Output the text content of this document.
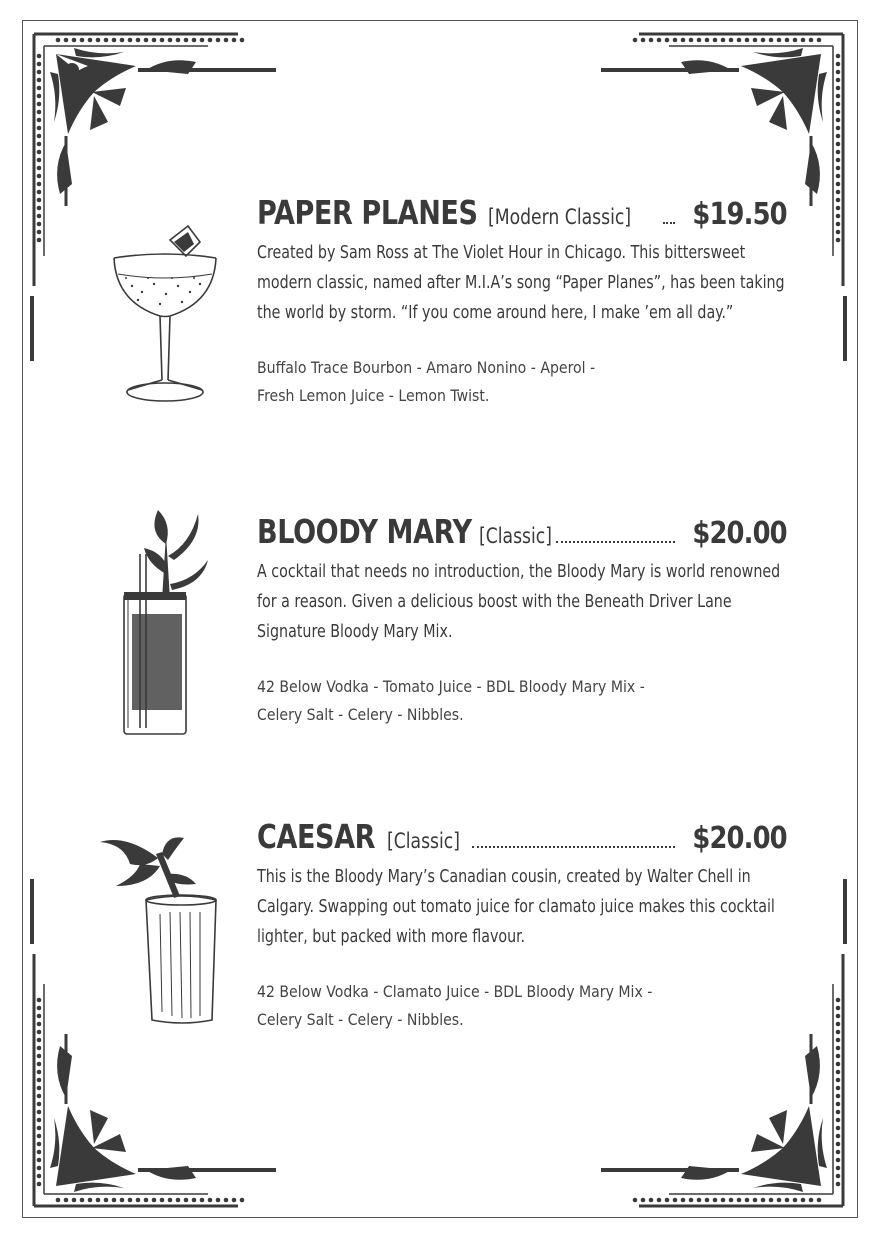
PAPER PLANES [Modern Classic] $19.50
Created by Sam Ross at The Violet Hour in Chicago. This bittersweet modern classic, named after M.I.A’s song “Paper Planes”, has been taking the world by storm. “If you come around here, I make ’em all day.”
Buffalo Trace Bourbon - Amaro Nonino - Aperol -
Fresh Lemon Juice - Lemon Twist.
BLOODY MARY [Classic]	$20.00
A cocktail that needs no introduction, the Bloody Mary is world renowned for a reason. Given a delicious boost with the Beneath Driver Lane Signature Bloody Mary Mix.
42 Below Vodka - Tomato Juice - BDL Bloody Mary Mix -
Celery Salt - Celery - Nibbles.
CAESAR [Classic]	$20.00
This is the Bloody Mary’s Canadian cousin, created by Walter Chell in Calgary. Swapping out tomato juice for clamato juice makes this cocktail lighter, but packed with more flavour.
42 Below Vodka - Clamato Juice - BDL Bloody Mary Mix -
Celery Salt - Celery - Nibbles.
